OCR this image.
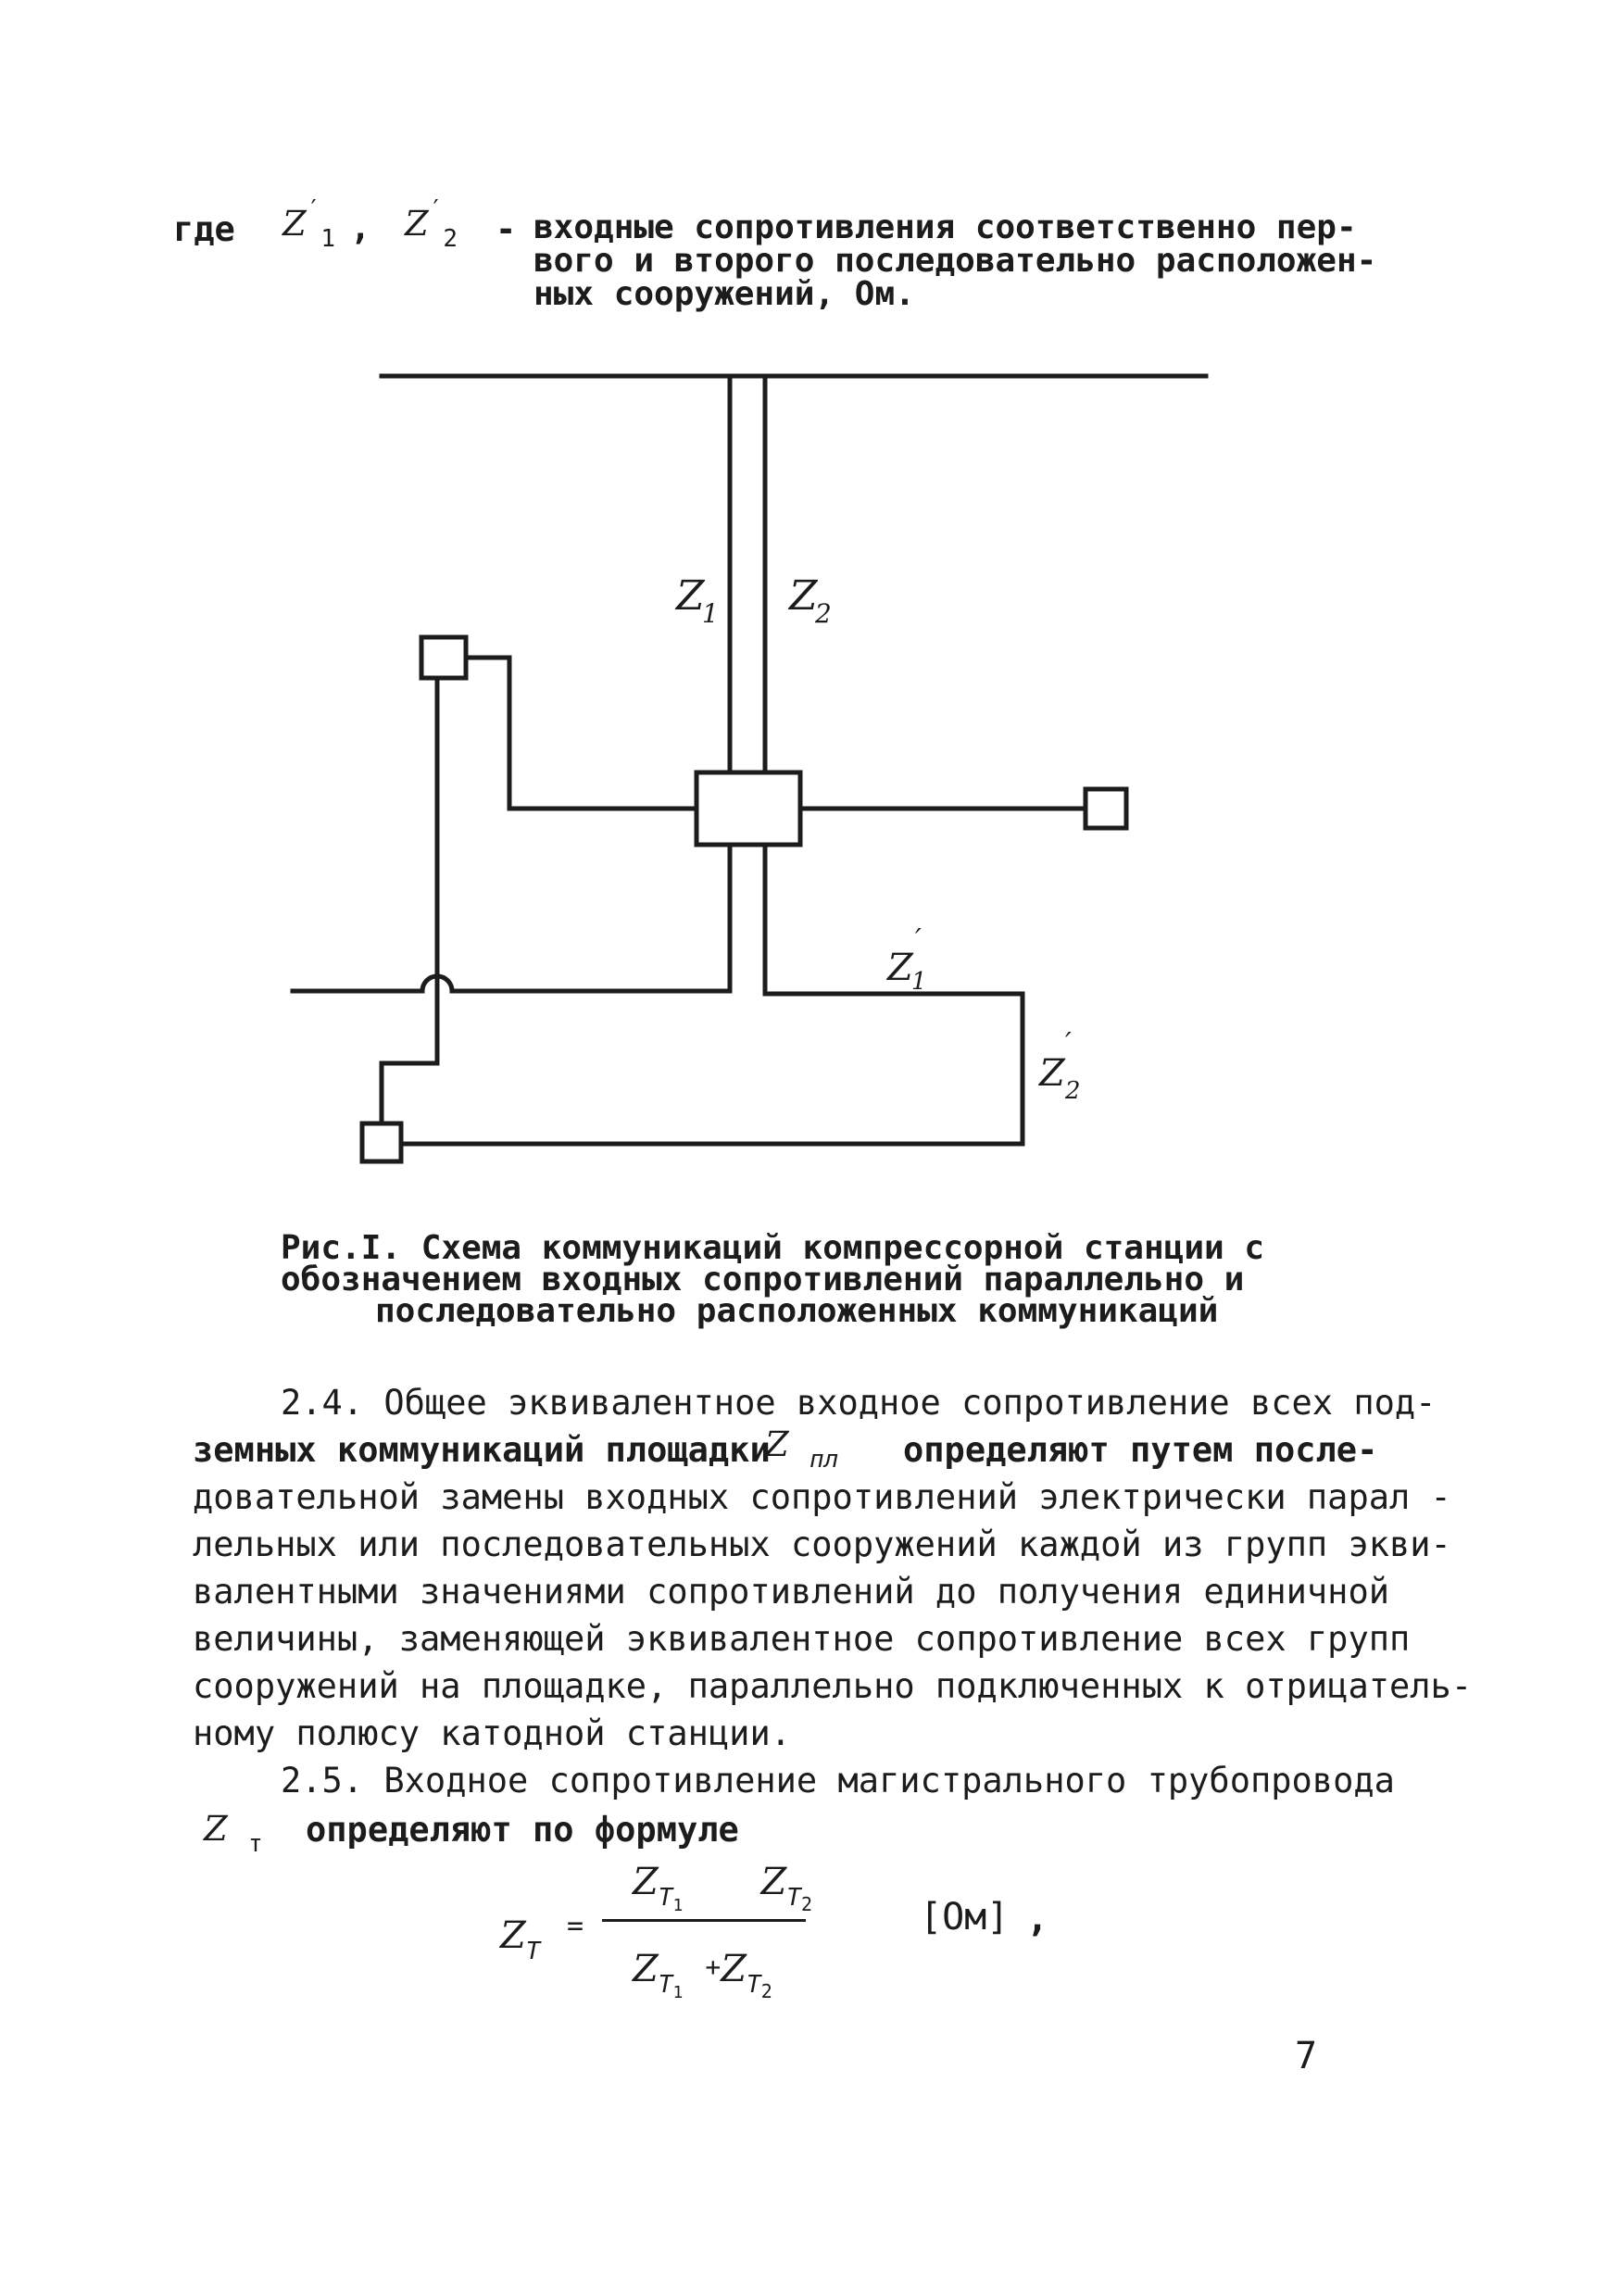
где $Z'_1$ , $Z'_2$ - входные сопротивления соответственно пер-
вого и второго последовательно расположен-
ных сооружений, Ом.
Z
1 Z
2
Z
′
1
Z
′
2
Рис.I. Схема коммуникаций компрессорной станции с
обозначением входных сопротивлений параллельно и
последовательно расположенных коммуникаций
2.4. Общее эквивалентное входное сопротивление всех под-
земных коммуникаций площадки
Z $_{пл}$ определяют путем после-
довательной замены входных сопротивлений электрически парал -
лельных или последовательных сооружений каждой из групп экви-
валентными значениями сопротивлений до получения единичной
величины, заменяющей эквивалентное сопротивление всех групп
сооружений на площадке, параллельно подключенных к отрицатель-
ному полюсу катодной станции.
2.5. Входное сопротивление магистрального трубопровода
Z $_т$ определяют по формуле
$Z_T$
=
$Z_{T1}$  $Z_{T2}$
$Z_{T1} +Z_{T2}$
[Ом] ,
7
